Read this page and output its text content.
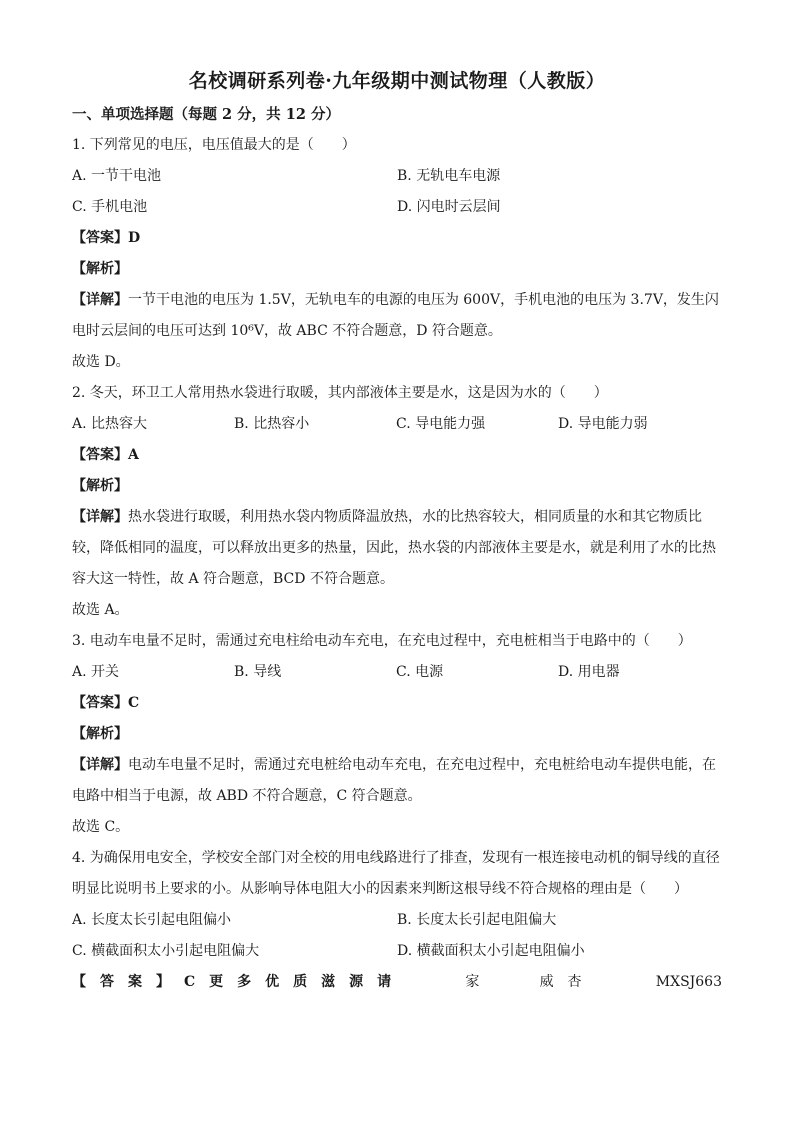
名校调研系列卷·九年级期中测试物理（人教版）
一、单项选择题（每题 2 分，共 12 分）
1. 下列常见的电压，电压值最大的是（　　）
A. 一节干电池	B. 无轨电车电源
C. 手机电池	D. 闪电时云层间
【答案】D
【解析】
【详解】一节干电池的电压为 1.5V，无轨电车的电源的电压为 600V，手机电池的电压为 3.7V，发生闪电时云层间的电压可达到 10⁶V，故 ABC 不符合题意，D 符合题意。
故选 D。
2. 冬天，环卫工人常用热水袋进行取暖，其内部液体主要是水，这是因为水的（　　）
A. 比热容大	B. 比热容小	C. 导电能力强	D. 导电能力弱
【答案】A
【解析】
【详解】热水袋进行取暖，利用热水袋内物质降温放热，水的比热容较大，相同质量的水和其它物质比较，降低相同的温度，可以释放出更多的热量，因此，热水袋的内部液体主要是水，就是利用了水的比热容大这一特性，故 A 符合题意，BCD 不符合题意。
故选 A。
3. 电动车电量不足时，需通过充电柱给电动车充电，在充电过程中，充电桩相当于电路中的（　　）
A. 开关	B. 导线	C. 电源	D. 用电器
【答案】C
【解析】
【详解】电动车电量不足时，需通过充电桩给电动车充电，在充电过程中，充电桩给电动车提供电能，在电路中相当于电源，故 ABD 不符合题意，C 符合题意。
故选 C。
4. 为确保用电安全，学校安全部门对全校的用电线路进行了排查，发现有一根连接电动机的铜导线的直径明显比说明书上要求的小。从影响导体电阻大小的因素来判断这根导线不符合规格的理由是（　　）
A. 长度太长引起电阻偏小	B. 长度太长引起电阻偏大
C. 横截面积太小引起电阻偏大	D. 横截面积太小引起电阻偏小
【答案】C更多优质滋源请	家	威杏	MXSJ663
